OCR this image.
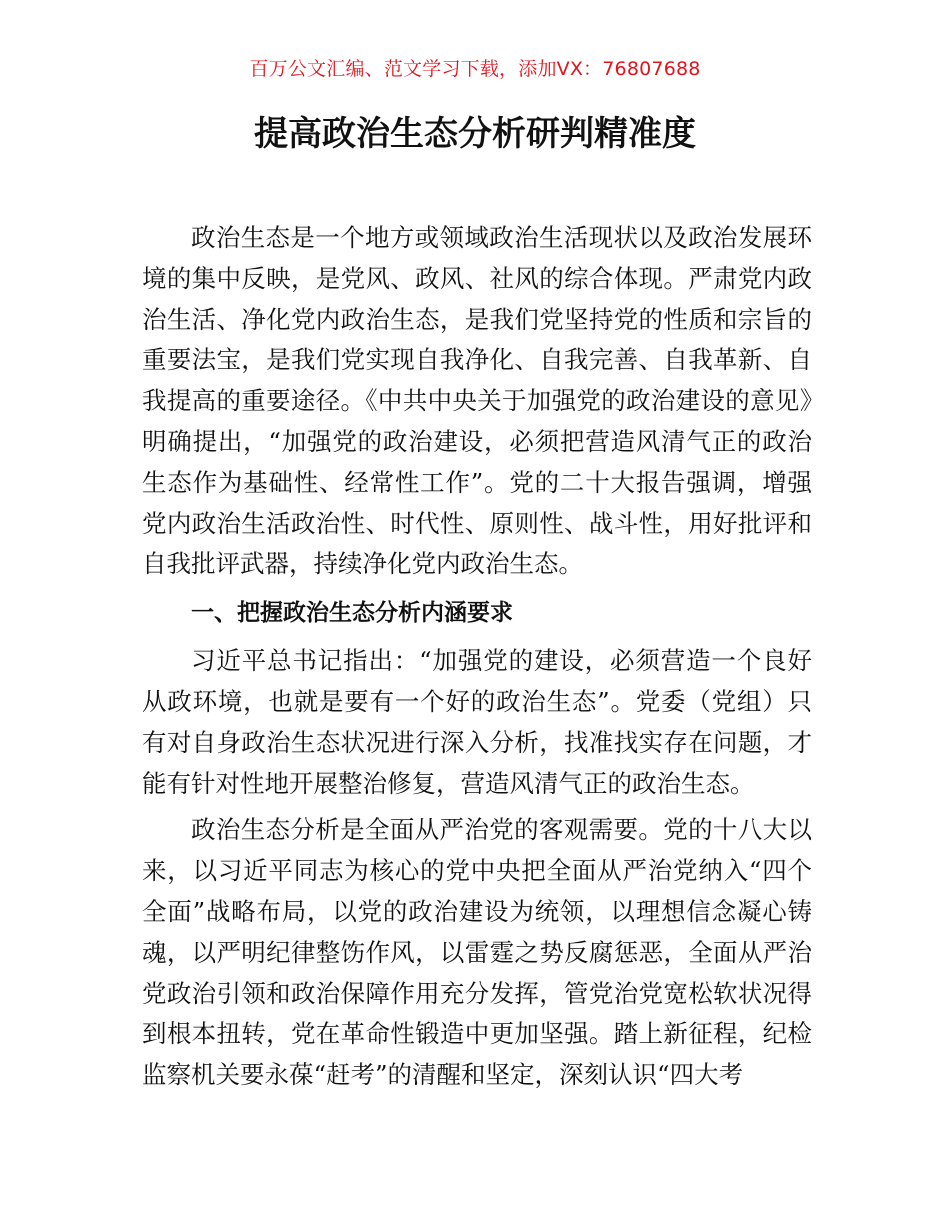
百万公文汇编、范文学习下载，添加VX：76807688
提高政治生态分析研判精准度

政治生态是一个地方或领域政治生活现状以及政治发展环境的集中反映，是党风、政风、社风的综合体现。严肃党内政治生活、净化党内政治生态，是我们党坚持党的性质和宗旨的重要法宝，是我们党实现自我净化、自我完善、自我革新、自我提高的重要途径。《中共中央关于加强党的政治建设的意见》明确提出，“加强党的政治建设，必须把营造风清气正的政治生态作为基础性、经常性工作”。党的二十大报告强调，增强党内政治生活政治性、时代性、原则性、战斗性，用好批评和自我批评武器，持续净化党内政治生态。

一、把握政治生态分析内涵要求

习近平总书记指出：“加强党的建设，必须营造一个良好从政环境，也就是要有一个好的政治生态”。党委（党组）只有对自身政治生态状况进行深入分析，找准找实存在问题，才能有针对性地开展整治修复，营造风清气正的政治生态。

政治生态分析是全面从严治党的客观需要。党的十八大以来，以习近平同志为核心的党中央把全面从严治党纳入“四个全面”战略布局，以党的政治建设为统领，以理想信念凝心铸魂，以严明纪律整饬作风，以雷霆之势反腐惩恶，全面从严治党政治引领和政治保障作用充分发挥，管党治党宽松软状况得到根本扭转，党在革命性锻造中更加坚强。踏上新征程，纪检监察机关要永葆“赶考”的清醒和坚定，深刻认识“四大考
